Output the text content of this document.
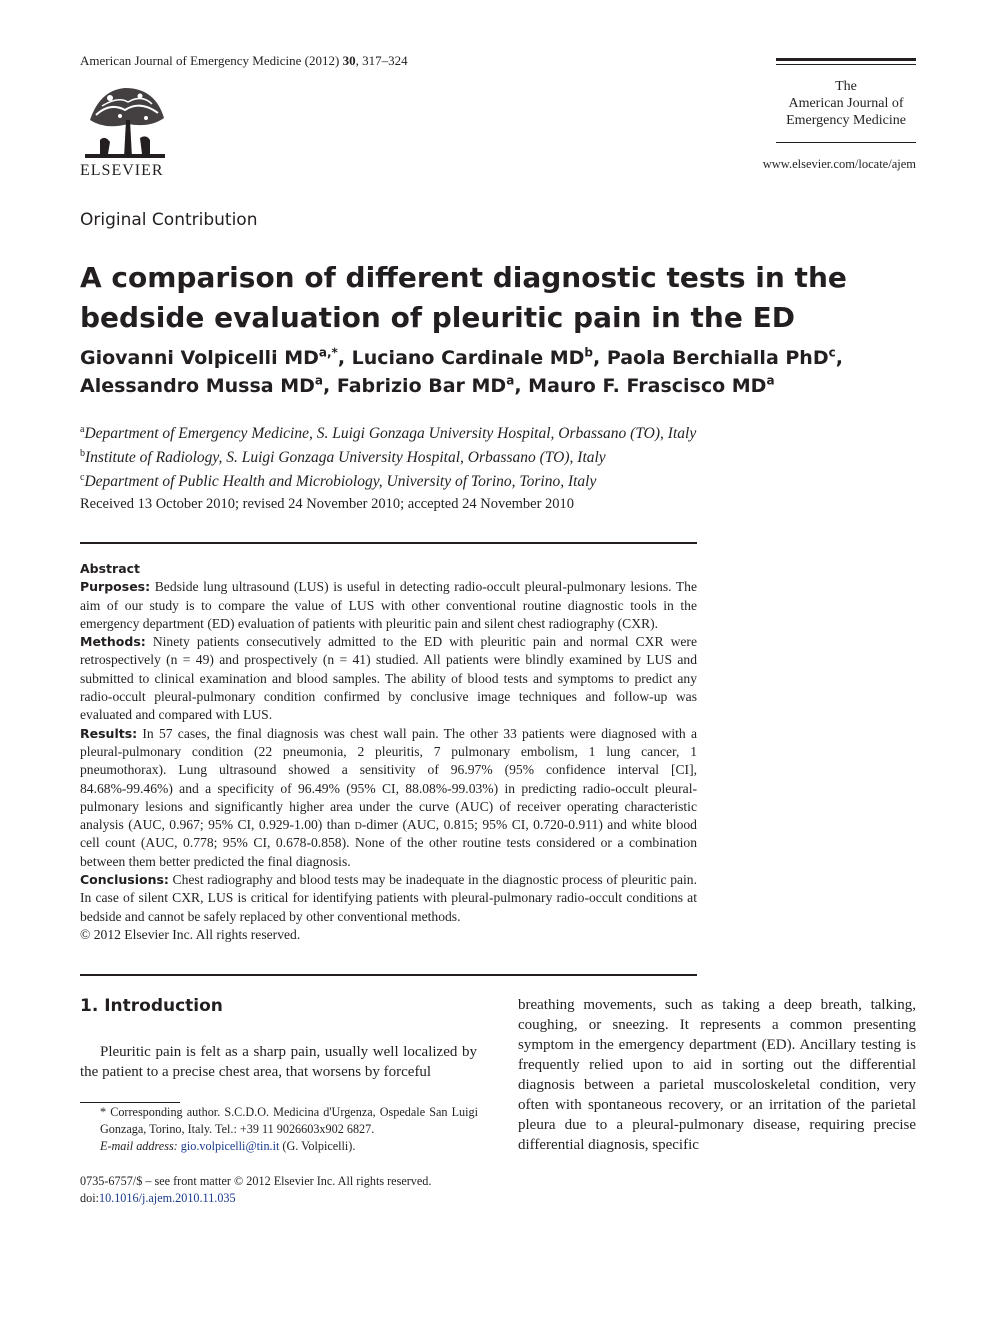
American Journal of Emergency Medicine (2012) 30, 317–324
ELSEVIER
The
American Journal of
Emergency Medicine
www.elsevier.com/locate/ajem
Original Contribution
A comparison of different diagnostic tests in the bedside evaluation of pleuritic pain in the ED
Giovanni Volpicelli $MD^{a,*}$, Luciano Cardinale $MD^b$, Paola Berchialla PhD$^c$,
Alessandro Mussa $MD^a$, Fabrizio Bar $MD^a$, Mauro F. Frascisco $MD^a$
$^a$Department of Emergency Medicine, S. Luigi Gonzaga University Hospital, Orbassano (TO), Italy
$^b$Institute of Radiology, S. Luigi Gonzaga University Hospital, Orbassano (TO), Italy
$^c$Department of Public Health and Microbiology, University of Torino, Torino, Italy
Received 13 October 2010; revised 24 November 2010; accepted 24 November 2010
Abstract

Purposes: Bedside lung ultrasound (LUS) is useful in detecting radio-occult pleural-pulmonary lesions. The aim of our study is to compare the value of LUS with other conventional routine diagnostic tools in the emergency department (ED) evaluation of patients with pleuritic pain and silent chest radiography (CXR).

Methods: Ninety patients consecutively admitted to the ED with pleuritic pain and normal CXR were retrospectively (n = 49) and prospectively (n = 41) studied. All patients were blindly examined by LUS and submitted to clinical examination and blood samples. The ability of blood tests and symptoms to predict any radio-occult pleural-pulmonary condition confirmed by conclusive image techniques and follow-up was evaluated and compared with LUS.

Results: In 57 cases, the final diagnosis was chest wall pain. The other 33 patients were diagnosed with a pleural-pulmonary condition (22 pneumonia, 2 pleuritis, 7 pulmonary embolism, 1 lung cancer, 1 pneumothorax). Lung ultrasound showed a sensitivity of 96.97% (95% confidence interval [CI], 84.68%-99.46%) and a specificity of 96.49% (95% CI, 88.08%-99.03%) in predicting radio-occult pleural-pulmonary lesions and significantly higher area under the curve (AUC) of receiver operating characteristic analysis (AUC, 0.967; 95% CI, 0.929-1.00) than d-dimer (AUC, 0.815; 95% CI, 0.720-0.911) and white blood cell count (AUC, 0.778; 95% CI, 0.678-0.858). None of the other routine tests considered or a combination between them better predicted the final diagnosis.

Conclusions: Chest radiography and blood tests may be inadequate in the diagnostic process of pleuritic pain. In case of silent CXR, LUS is critical for identifying patients with pleural-pulmonary radio-occult conditions at bedside and cannot be safely replaced by other conventional methods.

© 2012 Elsevier Inc. All rights reserved.

1. Introduction
Pleuritic pain is felt as a sharp pain, usually well localized by the patient to a precise chest area, that worsens by forceful

* Corresponding author. S.C.D.O. Medicina d'Urgenza, Ospedale San Luigi Gonzaga, Torino, Italy. Tel.: +39 11 9026603x902 6827.

E-mail address: gio.volpicelli@tin.it (G. Volpicelli).

0735-6757/$ – see front matter © 2012 Elsevier Inc. All rights reserved.

doi:10.1016/j.ajem.2010.11.035

breathing movements, such as taking a deep breath, talking, coughing, or sneezing. It represents a common presenting symptom in the emergency department (ED). Ancillary testing is frequently relied upon to aid in sorting out the differential diagnosis between a parietal muscoloskeletal condition, very often with spontaneous recovery, or an irritation of the parietal pleura due to a pleural-pulmonary disease, requiring precise differential diagnosis, specific
